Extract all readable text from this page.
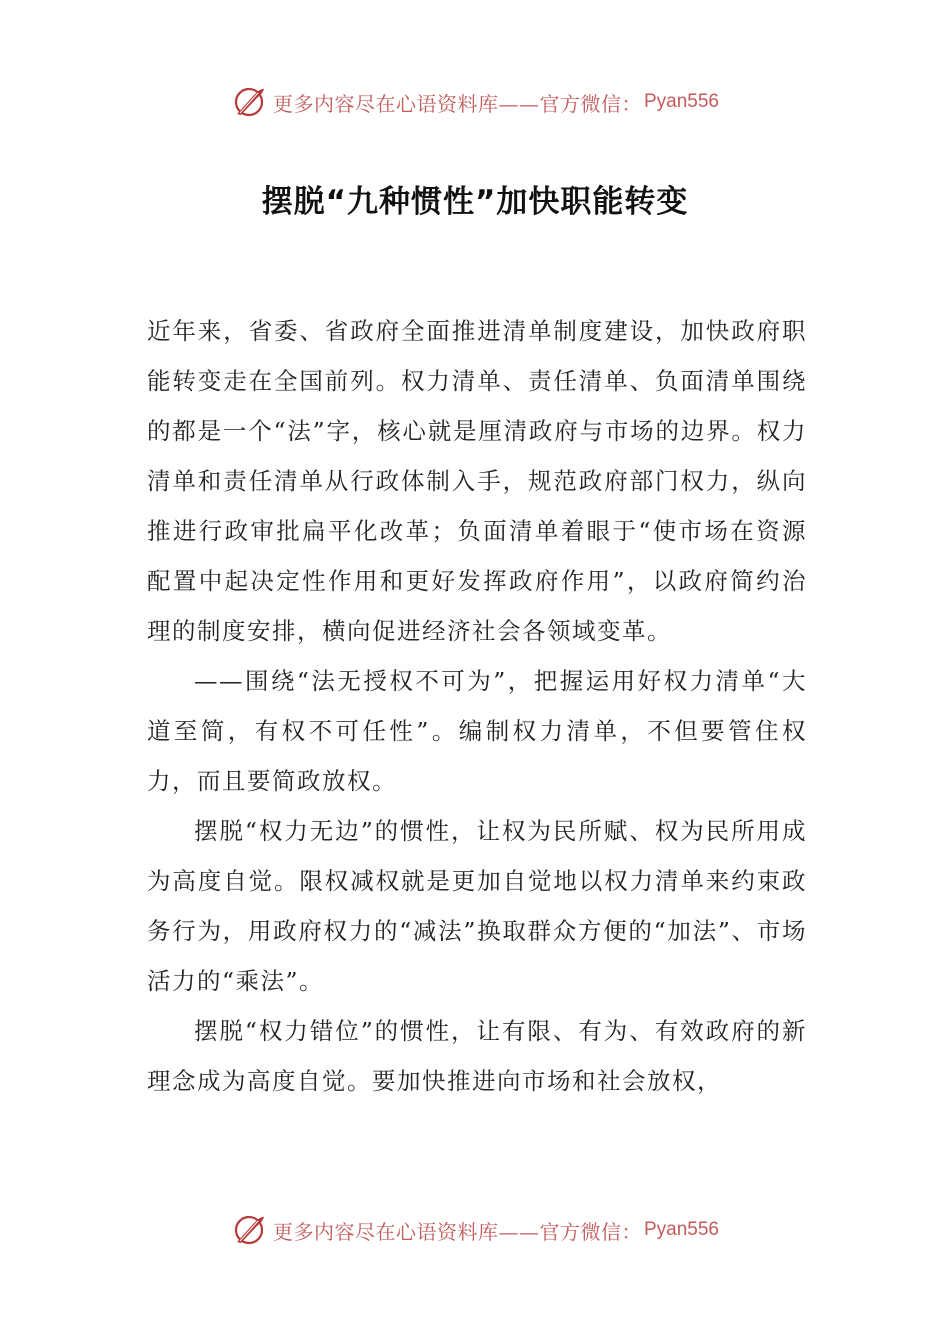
更多内容尽在心语资料库——官方微信： Pyan556
摆脱“九种惯性”加快职能转变

近年来，省委、省政府全面推进清单制度建设，加快政府职能转变走在全国前列。权力清单、责任清单、负面清单围绕的都是一个“法”字，核心就是厘清政府与市场的边界。权力清单和责任清单从行政体制入手，规范政府部门权力，纵向推进行政审批扁平化改革；负面清单着眼于“使市场在资源配置中起决定性作用和更好发挥政府作用”，以政府简约治理的制度安排，横向促进经济社会各领域变革。

——围绕“法无授权不可为”，把握运用好权力清单“大道至简，有权不可任性”。编制权力清单，不但要管住权力，而且要简政放权。

摆脱“权力无边”的惯性，让权为民所赋、权为民所用成为高度自觉。限权减权就是更加自觉地以权力清单来约束政务行为，用政府权力的“减法”换取群众方便的“加法”、市场活力的“乘法”。

摆脱“权力错位”的惯性，让有限、有为、有效政府的新理念成为高度自觉。要加快推进向市场和社会放权，

更多内容尽在心语资料库——官方微信： Pyan556
